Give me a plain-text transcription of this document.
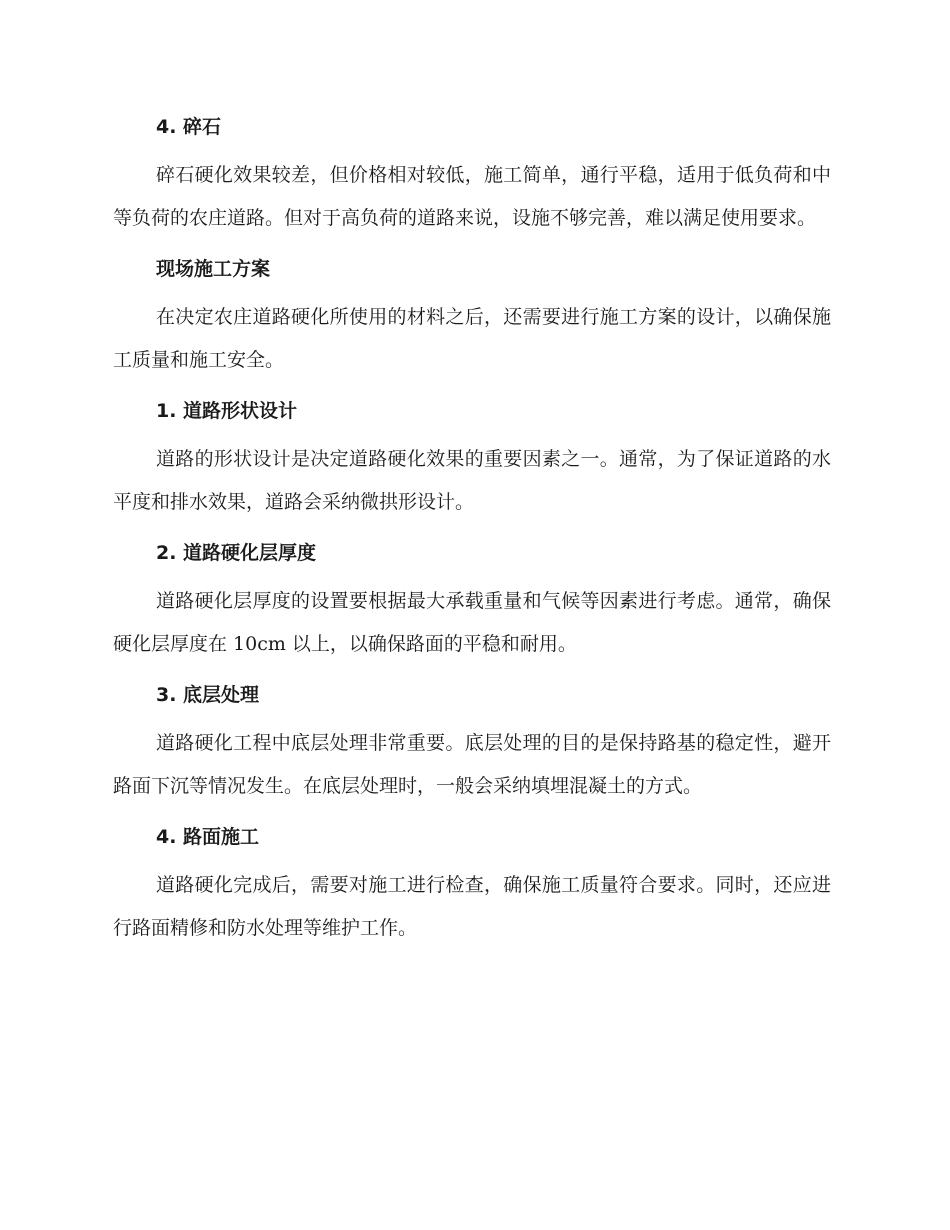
4. 碎石

碎石硬化效果较差，但价格相对较低，施工简单，通行平稳，适用于低负荷和中等负荷的农庄道路。但对于高负荷的道路来说，设施不够完善，难以满足使用要求。

现场施工方案

在决定农庄道路硬化所使用的材料之后，还需要进行施工方案的设计，以确保施工质量和施工安全。

1. 道路形状设计

道路的形状设计是决定道路硬化效果的重要因素之一。通常，为了保证道路的水平度和排水效果，道路会采纳微拱形设计。

2. 道路硬化层厚度

道路硬化层厚度的设置要根据最大承载重量和气候等因素进行考虑。通常，确保硬化层厚度在 10cm 以上，以确保路面的平稳和耐用。

3. 底层处理

道路硬化工程中底层处理非常重要。底层处理的目的是保持路基的稳定性，避开路面下沉等情况发生。在底层处理时，一般会采纳填埋混凝土的方式。

4. 路面施工

道路硬化完成后，需要对施工进行检查，确保施工质量符合要求。同时，还应进行路面精修和防水处理等维护工作。
